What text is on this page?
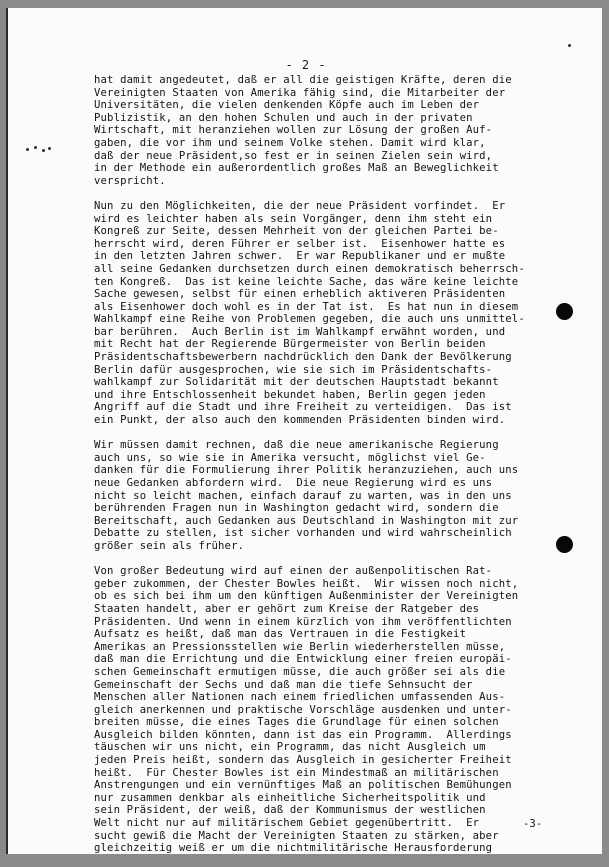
- 2 -
hat damit angedeutet, daß er all die geistigen Kräfte, deren die
Vereinigten Staaten von Amerika fähig sind, die Mitarbeiter der
Universitäten, die vielen denkenden Köpfe auch im Leben der
Publizistik, an den hohen Schulen und auch in der privaten
Wirtschaft, mit heranziehen wollen zur Lösung der großen Auf-
gaben, die vor ihm und seinem Volke stehen. Damit wird klar,
daß der neue Präsident,so fest er in seinen Zielen sein wird,
in der Methode ein außerordentlich großes Maß an Beweglichkeit
verspricht.
Nun zu den Möglichkeiten, die der neue Präsident vorfindet.  Er
wird es leichter haben als sein Vorgänger, denn ihm steht ein
Kongreß zur Seite, dessen Mehrheit von der gleichen Partei be-
herrscht wird, deren Führer er selber ist.  Eisenhower hatte es
in den letzten Jahren schwer.  Er war Republikaner und er mußte
all seine Gedanken durchsetzen durch einen demokratisch beherrsch-
ten Kongreß.  Das ist keine leichte Sache, das wäre keine leichte
Sache gewesen, selbst für einen erheblich aktiveren Präsidenten
als Eisenhower doch wohl es in der Tat ist.  Es hat nun in diesem
Wahlkampf eine Reihe von Problemen gegeben, die auch uns unmittel-
bar berühren.  Auch Berlin ist im Wahlkampf erwähnt worden, und
mit Recht hat der Regierende Bürgermeister von Berlin beiden
Präsidentschaftsbewerbern nachdrücklich den Dank der Bevölkerung
Berlin dafür ausgesprochen, wie sie sich im Präsidentschafts-
wahlkampf zur Solidarität mit der deutschen Hauptstadt bekannt
und ihre Entschlossenheit bekundet haben, Berlin gegen jeden
Angriff auf die Stadt und ihre Freiheit zu verteidigen.  Das ist
ein Punkt, der also auch den kommenden Präsidenten binden wird.
Wir müssen damit rechnen, daß die neue amerikanische Regierung
auch uns, so wie sie in Amerika versucht, möglichst viel Ge-
danken für die Formulierung ihrer Politik heranzuziehen, auch uns
neue Gedanken abfordern wird.  Die neue Regierung wird es uns
nicht so leicht machen, einfach darauf zu warten, was in den uns
berührenden Fragen nun in Washington gedacht wird, sondern die
Bereitschaft, auch Gedanken aus Deutschland in Washington mit zur
Debatte zu stellen, ist sicher vorhanden und wird wahrscheinlich
größer sein als früher.
Von großer Bedeutung wird auf einen der außenpolitischen Rat-
geber zukommen, der Chester Bowles heißt.  Wir wissen noch nicht,
ob es sich bei ihm um den künftigen Außenminister der Vereinigten
Staaten handelt, aber er gehört zum Kreise der Ratgeber des
Präsidenten. Und wenn in einem kürzlich von ihm veröffentlichten
Aufsatz es heißt, daß man das Vertrauen in die Festigkeit
Amerikas an Pressionsstellen wie Berlin wiederherstellen müsse,
daß man die Errichtung und die Entwicklung einer freien europäi-
schen Gemeinschaft ermutigen müsse, die auch größer sei als die
Gemeinschaft der Sechs und daß man die tiefe Sehnsucht der
Menschen aller Nationen nach einem friedlichen umfassenden Aus-
gleich anerkennen und praktische Vorschläge ausdenken und unter-
breiten müsse, die eines Tages die Grundlage für einen solchen
Ausgleich bilden könnten, dann ist das ein Programm.  Allerdings
täuschen wir uns nicht, ein Programm, das nicht Ausgleich um
jeden Preis heißt, sondern das Ausgleich in gesicherter Freiheit
heißt.  Für Chester Bowles ist ein Mindestmaß an militärischen
Anstrengungen und ein vernünftiges Maß an politischen Bemühungen
nur zusammen denkbar als einheitliche Sicherheitspolitik und
sein Präsident, der weiß, daß der Kommunismus der westlichen
Welt nicht nur auf militärischem Gebiet gegenübertritt.  Er
sucht gewiß die Macht der Vereinigten Staaten zu stärken, aber
gleichzeitig weiß er um die nichtmilitärische Herausforderung
-3-
